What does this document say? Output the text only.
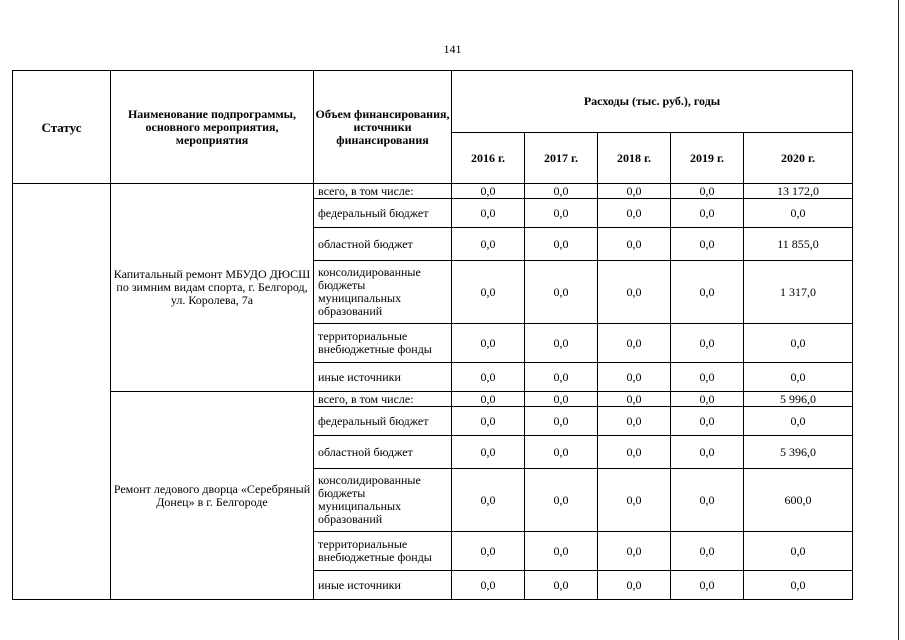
141
Статус	Наименование подпрограммы, основного мероприятия, мероприятия	Объем финансирования, источники финансирования	Расходы (тыс. руб.), годы				
			2016 г.	2017 г.	2018 г.	2019 г.	2020 г.
	Капитальный ремонт МБУДО ДЮСШ по зимним видам спорта, г. Белгород, ул. Королева, 7а	всего, в том числе:	0,0	0,0	0,0	0,0	13 172,0
		федеральный бюджет	0,0	0,0	0,0	0,0	0,0
		областной бюджет	0,0	0,0	0,0	0,0	11 855,0
		консолидированные бюджеты муниципальных образований	0,0	0,0	0,0	0,0	1 317,0
		территориальные внебюджетные фонды	0,0	0,0	0,0	0,0	0,0
		иные источники	0,0	0,0	0,0	0,0	0,0
	Ремонт ледового дворца «Серебряный Донец» в г. Белгороде	всего, в том числе:	0,0	0,0	0,0	0,0	5 996,0
		федеральный бюджет	0,0	0,0	0,0	0,0	0,0
		областной бюджет	0,0	0,0	0,0	0,0	5 396,0
		консолидированные бюджеты муниципальных образований	0,0	0,0	0,0	0,0	600,0
		территориальные внебюджетные фонды	0,0	0,0	0,0	0,0	0,0
		иные источники	0,0	0,0	0,0	0,0	0,0
